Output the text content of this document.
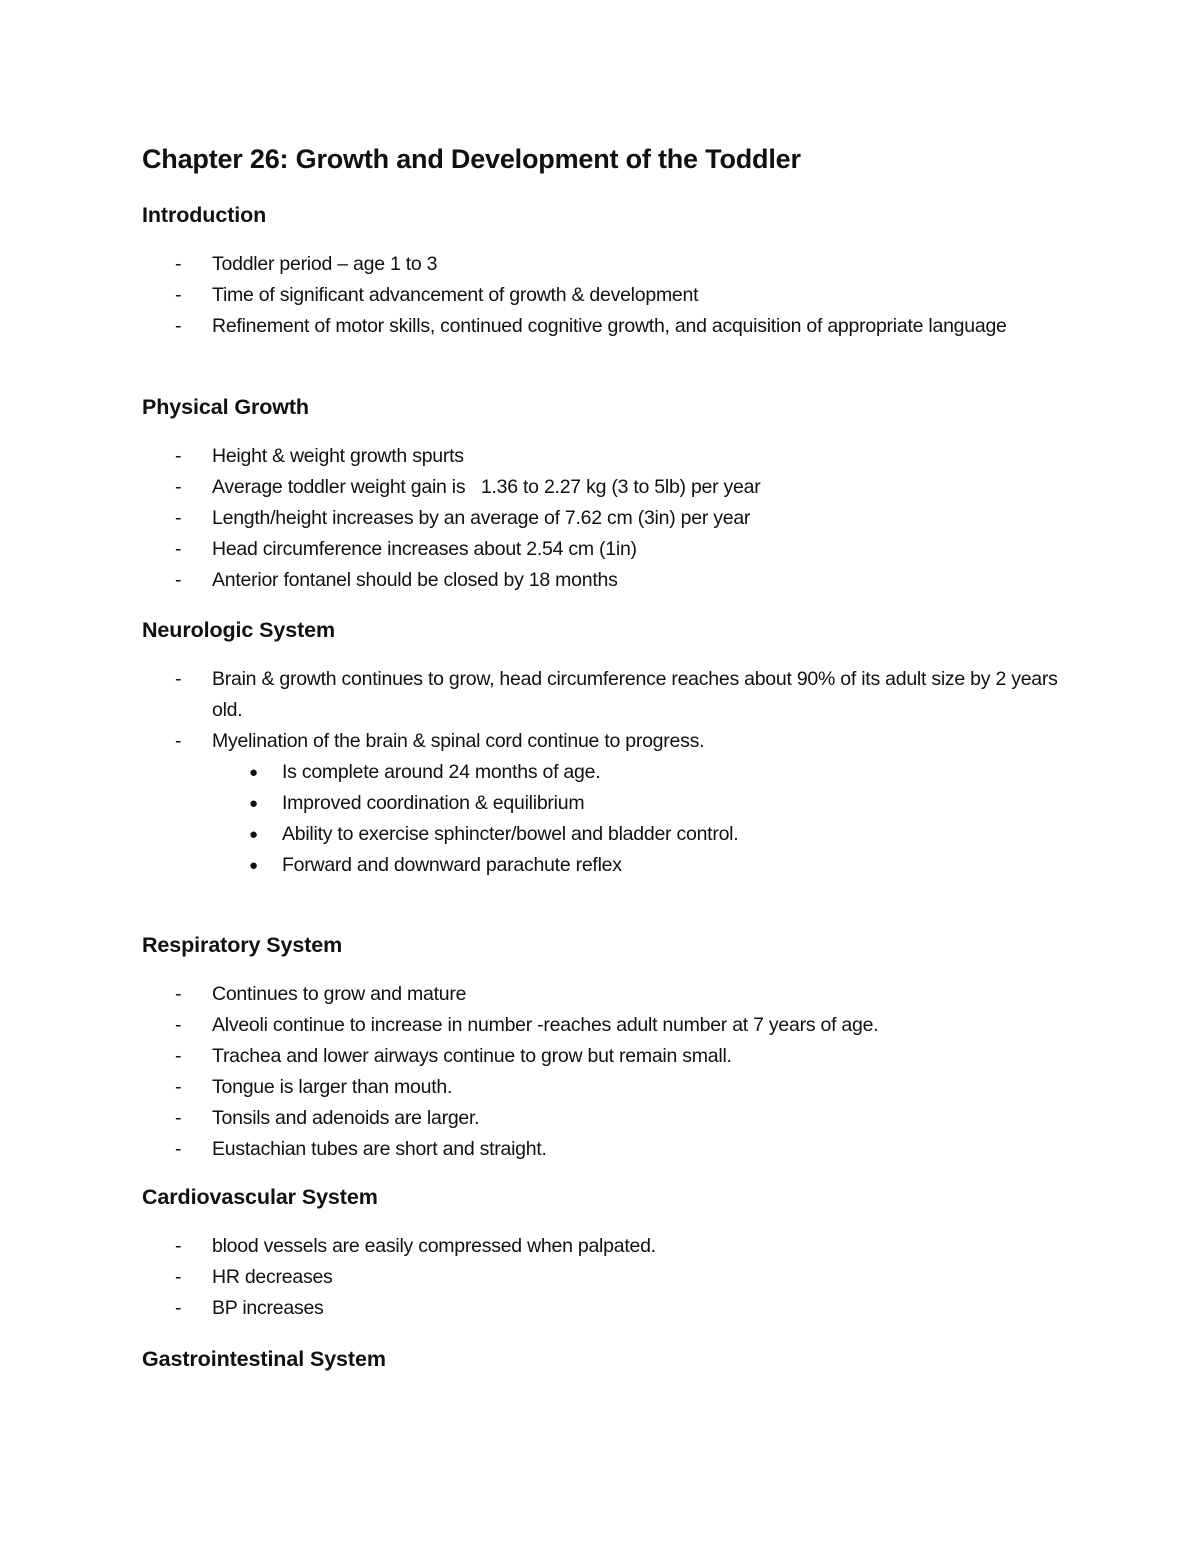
Chapter 26: Growth and Development of the Toddler
Introduction
- Toddler period – age 1 to 3
- Time of significant advancement of growth & development
- Refinement of motor skills, continued cognitive growth, and acquisition of appropriate language
Physical Growth
- Height & weight growth spurts
- Average toddler weight gain is   1.36 to 2.27 kg (3 to 5lb) per year
- Length/height increases by an average of 7.62 cm (3in) per year
- Head circumference increases about 2.54 cm (1in)
- Anterior fontanel should be closed by 18 months
Neurologic System
- Brain & growth continues to grow, head circumference reaches about 90% of its adult size by 2 years old.
- Myelination of the brain & spinal cord continue to progress.
● Is complete around 24 months of age.
● Improved coordination & equilibrium
● Ability to exercise sphincter/bowel and bladder control.
● Forward and downward parachute reflex
Respiratory System
- Continues to grow and mature
- Alveoli continue to increase in number -reaches adult number at 7 years of age.
- Trachea and lower airways continue to grow but remain small.
- Tongue is larger than mouth.
- Tonsils and adenoids are larger.
- Eustachian tubes are short and straight.
Cardiovascular System
- blood vessels are easily compressed when palpated.
- HR decreases
- BP increases
Gastrointestinal System
